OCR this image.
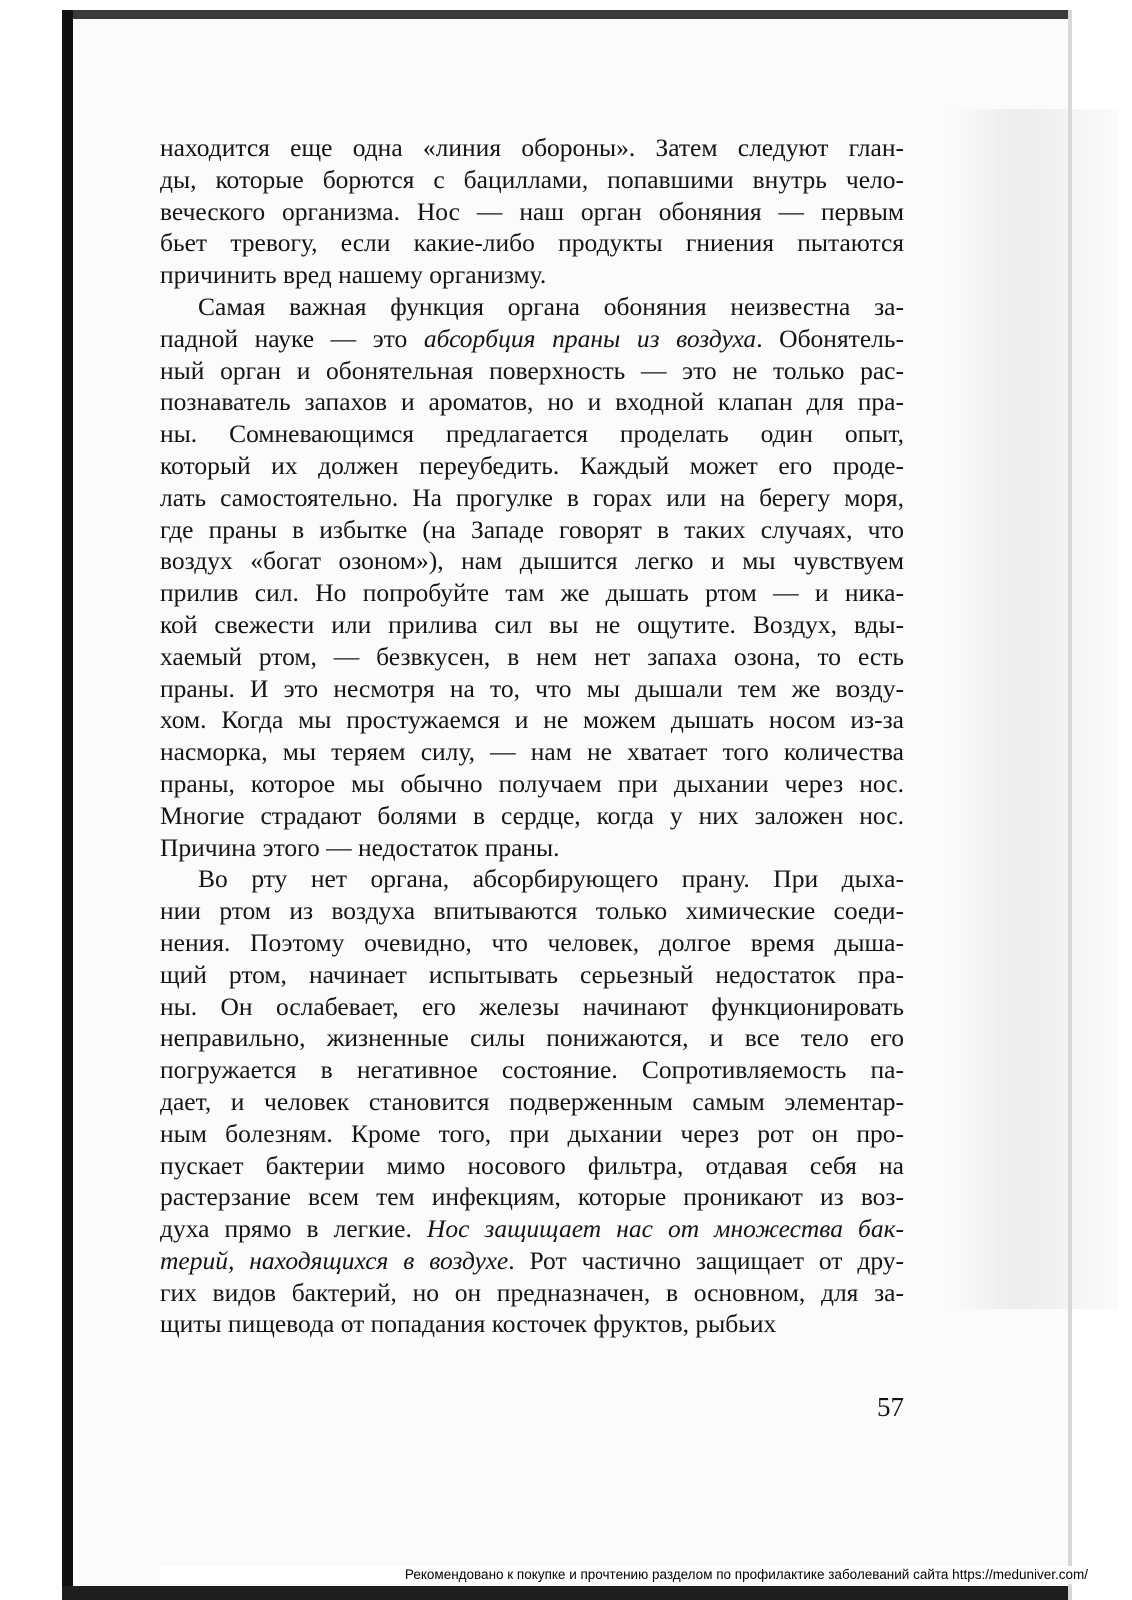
находится еще одна «линия обороны». Затем следуют глан-
ды, которые борются с бациллами, попавшими внутрь чело-
веческого организма. Нос — наш орган обоняния — первым
бьет тревогу, если какие-либо продукты гниения пытаются
причинить вред нашему организму.
Самая важная функция органа обоняния неизвестна за-
падной науке — это абсорбция праны из воздуха. Обонятель-
ный орган и обонятельная поверхность — это не только рас-
познаватель запахов и ароматов, но и входной клапан для пра-
ны. Сомневающимся предлагается проделать один опыт,
который их должен переубедить. Каждый может его проде-
лать самостоятельно. На прогулке в горах или на берегу моря,
где праны в избытке (на Западе говорят в таких случаях, что
воздух «богат озоном»), нам дышится легко и мы чувствуем
прилив сил. Но попробуйте там же дышать ртом — и ника-
кой свежести или прилива сил вы не ощутите. Воздух, вды-
хаемый ртом, — безвкусен, в нем нет запаха озона, то есть
праны. И это несмотря на то, что мы дышали тем же возду-
хом. Когда мы простужаемся и не можем дышать носом из-за
насморка, мы теряем силу, — нам не хватает того количества
праны, которое мы обычно получаем при дыхании через нос.
Многие страдают болями в сердце, когда у них заложен нос.
Причина этого — недостаток праны.
Во рту нет органа, абсорбирующего прану. При дыха-
нии ртом из воздуха впитываются только химические соеди-
нения. Поэтому очевидно, что человек, долгое время дыша-
щий ртом, начинает испытывать серьезный недостаток пра-
ны. Он ослабевает, его железы начинают функционировать
неправильно, жизненные силы понижаются, и все тело его
погружается в негативное состояние. Сопротивляемость па-
дает, и человек становится подверженным самым элементар-
ным болезням. Кроме того, при дыхании через рот он про-
пускает бактерии мимо носового фильтра, отдавая себя на
растерзание всем тем инфекциям, которые проникают из воз-
духа прямо в легкие. Нос защищает нас от множества бак-
терий, находящихся в воздухе. Рот частично защищает от дру-
гих видов бактерий, но он предназначен, в основном, для за-
щиты пищевода от попадания косточек фруктов, рыбьих
57
Рекомендовано к покупке и прочтению разделом по профилактике заболеваний сайта https://meduniver.com/
